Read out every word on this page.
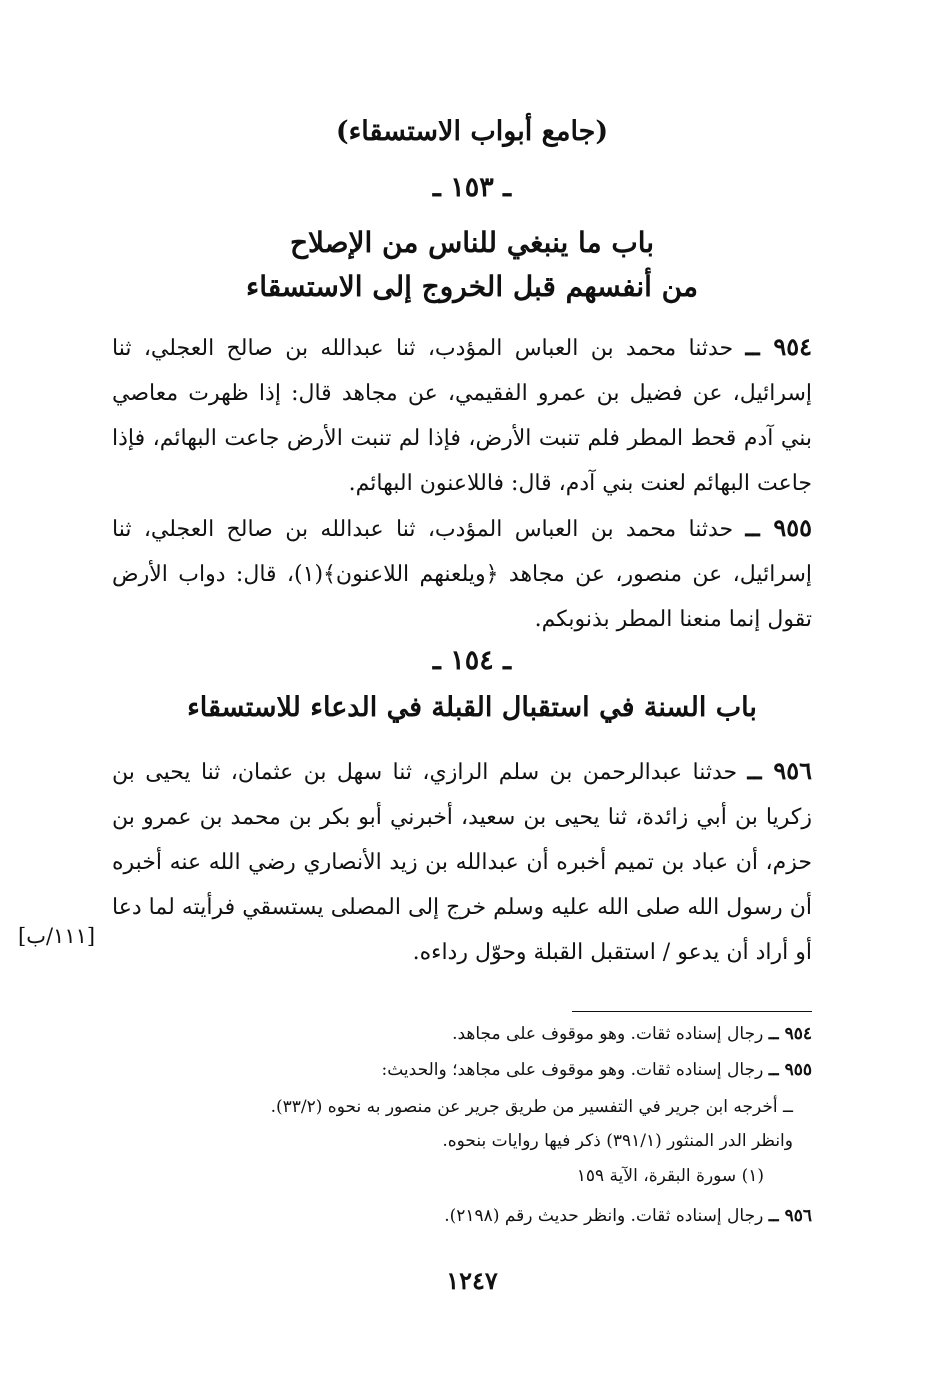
(جامع أبواب الاستسقاء)
ـ ١٥٣ ـ
باب ما ينبغي للناس من الإصلاح
من أنفسهم قبل الخروج إلى الاستسقاء
٩٥٤ ــ حدثنا محمد بن العباس المؤدب، ثنا عبدالله بن صالح العجلي، ثنا إسرائيل، عن فضيل بن عمرو الفقيمي، عن مجاهد قال: إذا ظهرت معاصي بني آدم قحط المطر فلم تنبت الأرض، فإذا لم تنبت الأرض جاعت البهائم، فإذا جاعت البهائم لعنت بني آدم، قال: فاللاعنون البهائم.
٩٥٥ ــ حدثنا محمد بن العباس المؤدب، ثنا عبدالله بن صالح العجلي، ثنا إسرائيل، عن منصور، عن مجاهد ﴿ويلعنهم اللاعنون﴾(١)، قال: دواب الأرض تقول إنما منعنا المطر بذنوبكم.
ـ ١٥٤ ـ
باب السنة في استقبال القبلة في الدعاء للاستسقاء
٩٥٦ ــ حدثنا عبدالرحمن بن سلم الرازي، ثنا سهل بن عثمان، ثنا يحيى بن زكريا بن أبي زائدة، ثنا يحيى بن سعيد، أخبرني أبو بكر بن محمد بن عمرو بن حزم، أن عباد بن تميم أخبره أن عبدالله بن زيد الأنصاري رضي الله عنه أخبره أن رسول الله صلى الله عليه وسلم خرج إلى المصلى يستسقي فرأيته لما دعا أو أراد أن يدعو / استقبل القبلة وحوّل رداءه.
[١١١/ب]
٩٥٤ ــ رجال إسناده ثقات. وهو موقوف على مجاهد.
٩٥٥ ــ رجال إسناده ثقات. وهو موقوف على مجاهد؛ والحديث:
ــ أخرجه ابن جرير في التفسير من طريق جرير عن منصور به نحوه (٣٣/٢).
وانظر الدر المنثور (٣٩١/١) ذكر فيها روايات بنحوه.
(١) سورة البقرة، الآية ١٥٩
٩٥٦ ــ رجال إسناده ثقات. وانظر حديث رقم (٢١٩٨).
١٢٤٧
